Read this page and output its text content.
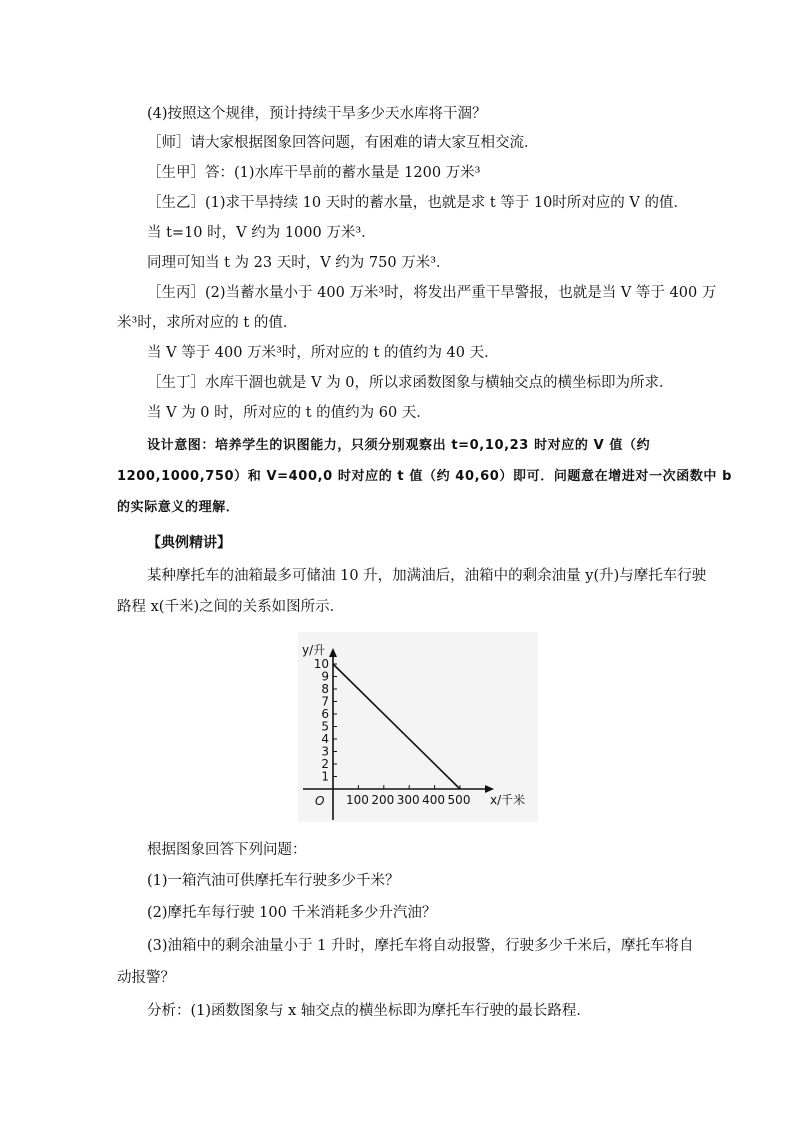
(4)按照这个规律，预计持续干旱多少天水库将干涸？
［师］请大家根据图象回答问题，有困难的请大家互相交流．
［生甲］答：(1)水库干旱前的蓄水量是 1200 万米³
［生乙］(1)求干旱持续 10 天时的蓄水量，也就是求 t 等于 10时所对应的 V 的值．
当 t=10 时，V 约为 1000 万米³．
同理可知当 t 为 23 天时，V 约为 750 万米³．
［生丙］(2)当蓄水量小于 400 万米³时，将发出严重干旱警报，也就是当 V 等于 400 万
米³时，求所对应的 t 的值．
当 V 等于 400 万米³时，所对应的 t 的值约为 40 天．
［生丁］水库干涸也就是 V 为 0，所以求函数图象与横轴交点的横坐标即为所求．
当 V 为 0 时，所对应的 t 的值约为 60 天．
设计意图：培养学生的识图能力，只须分别观察出 t=0,10,23 时对应的 V 值（约
1200,1000,750）和 V=400,0 时对应的 t 值（约 40,60）即可．问题意在增进对一次函数中 b
的实际意义的理解．
【典例精讲】
某种摩托车的油箱最多可储油 10 升，加满油后，油箱中的剩余油量 y(升)与摩托车行驶
路程 x(千米)之间的关系如图所示．
1
2
3
4
5
6
7
8
9
10
100 200 300 400 500
O
y/升
x/千米
根据图象回答下列问题：
(1)一箱汽油可供摩托车行驶多少千米？
(2)摩托车每行驶 100 千米消耗多少升汽油？
(3)油箱中的剩余油量小于 1 升时，摩托车将自动报警，行驶多少千米后，摩托车将自
动报警？
分析：(1)函数图象与 x 轴交点的横坐标即为摩托车行驶的最长路程．
